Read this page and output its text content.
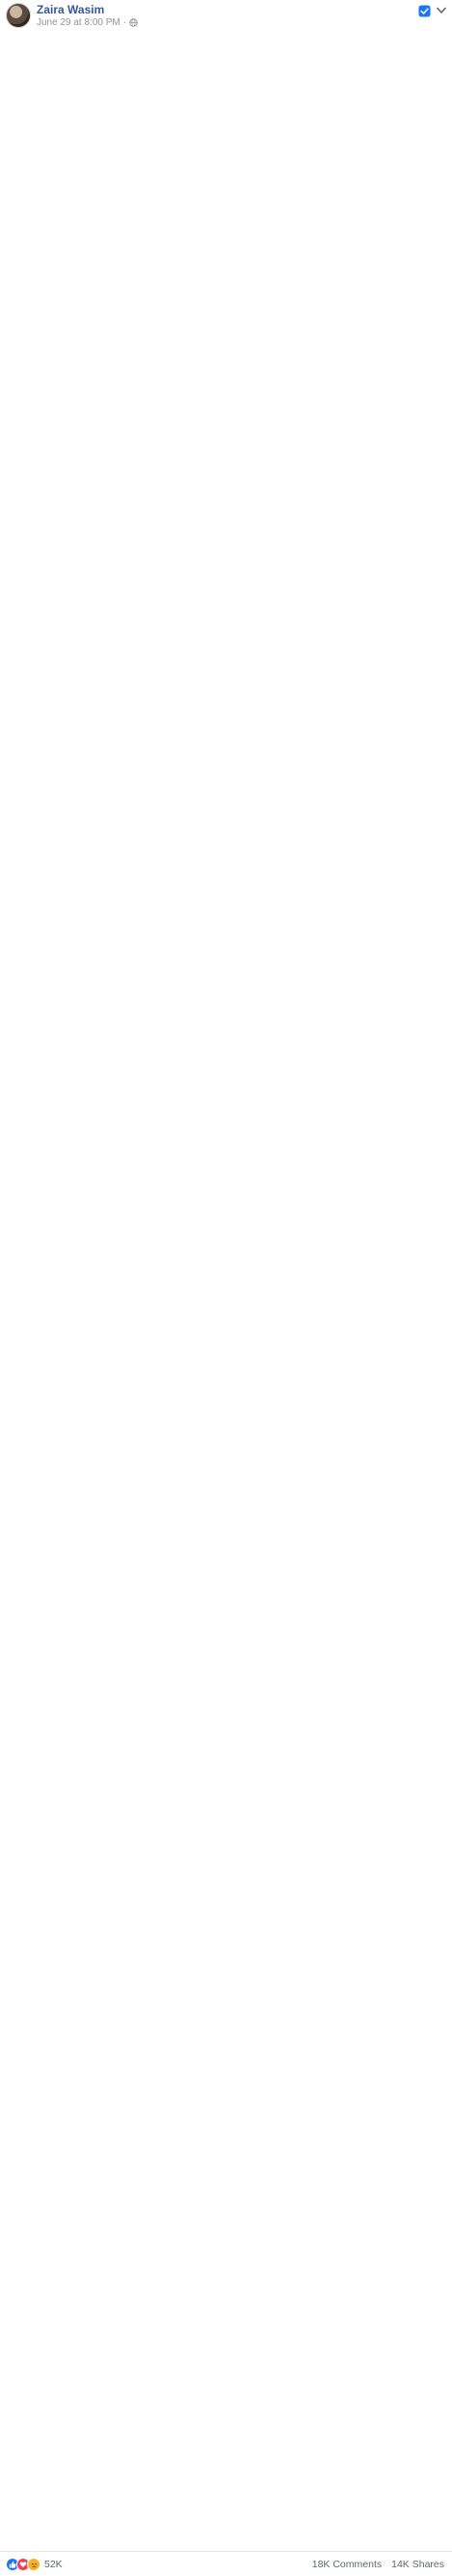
Zaira Wasim
June 29 at 8:00 PM ·

52K	18K Comments 14K Shares
